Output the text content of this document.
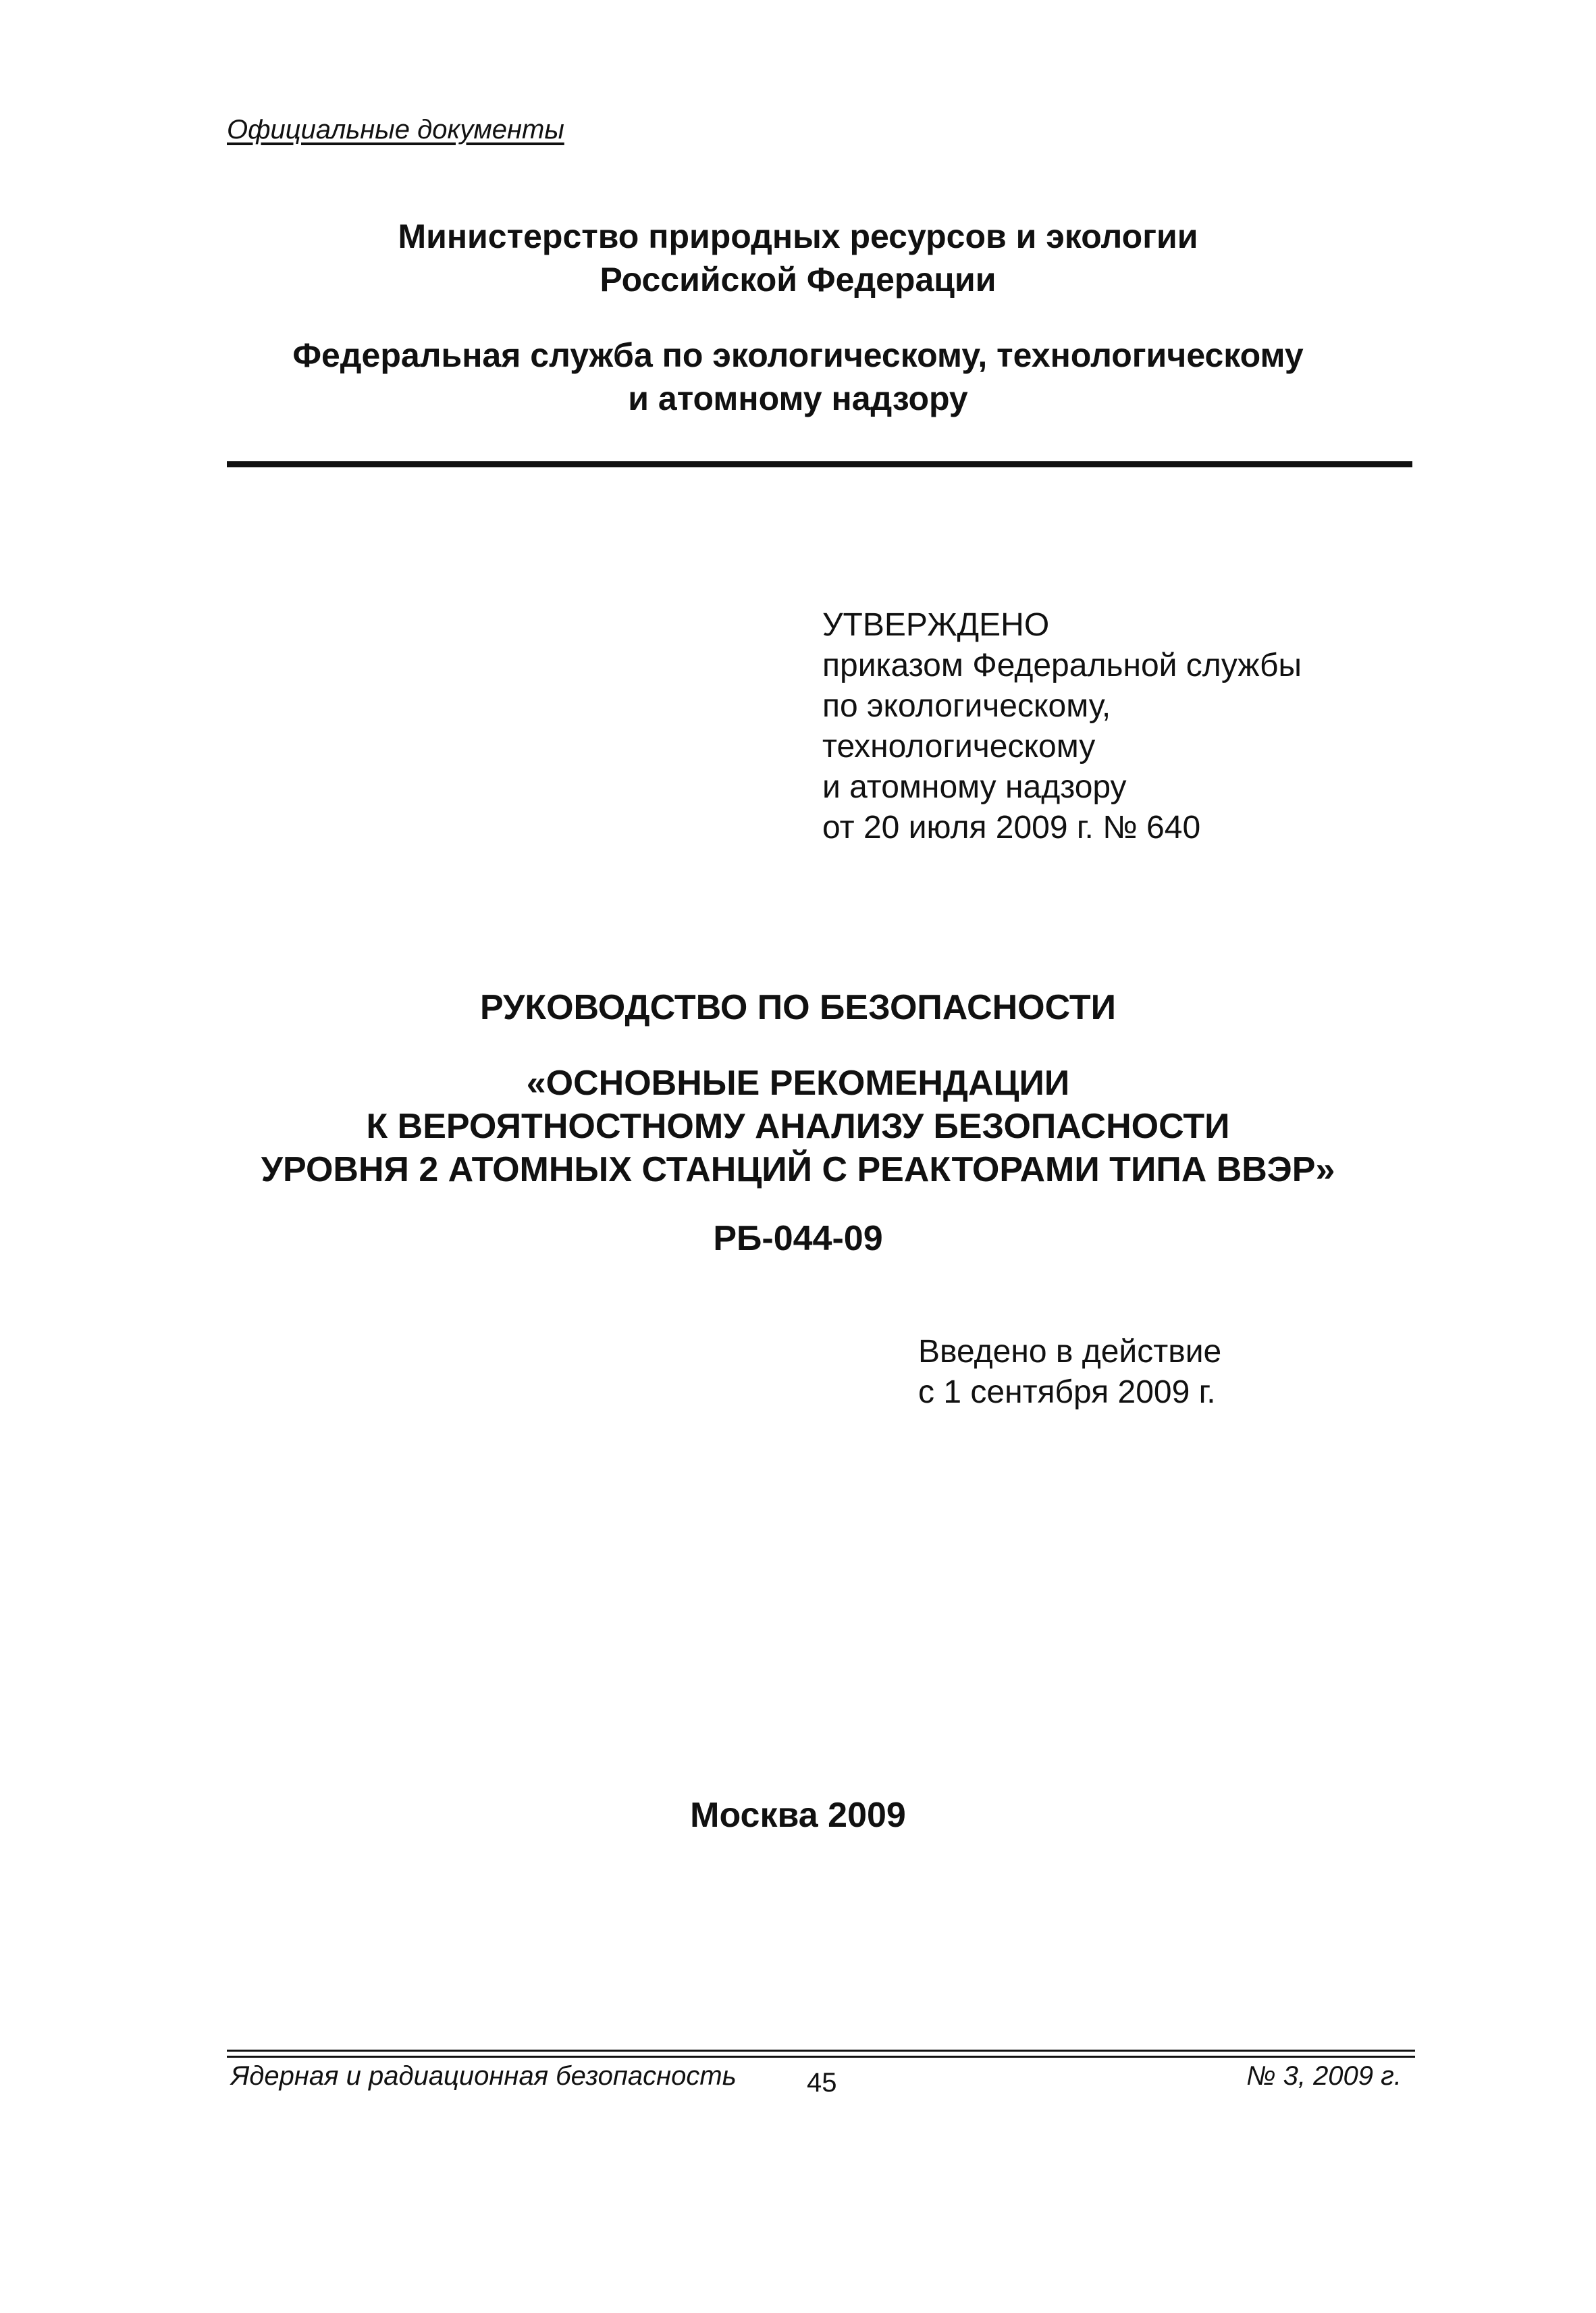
Официальные документы
Министерство природных ресурсов и экологии
Российской Федерации
Федеральная служба по экологическому, технологическому
и атомному надзору
УТВЕРЖДЕНО
приказом Федеральной службы
по экологическому,
технологическому
и атомному надзору
от 20 июля 2009 г. № 640
РУКОВОДСТВО ПО БЕЗОПАСНОСТИ
«ОСНОВНЫЕ РЕКОМЕНДАЦИИ
К ВЕРОЯТНОСТНОМУ АНАЛИЗУ БЕЗОПАСНОСТИ
УРОВНЯ 2 АТОМНЫХ СТАНЦИЙ С РЕАКТОРАМИ ТИПА ВВЭР»
РБ-044-09
Введено в действие
с 1 сентября 2009 г.
Москва 2009
Ядерная и радиационная безопасность	45	№ 3, 2009 г.
